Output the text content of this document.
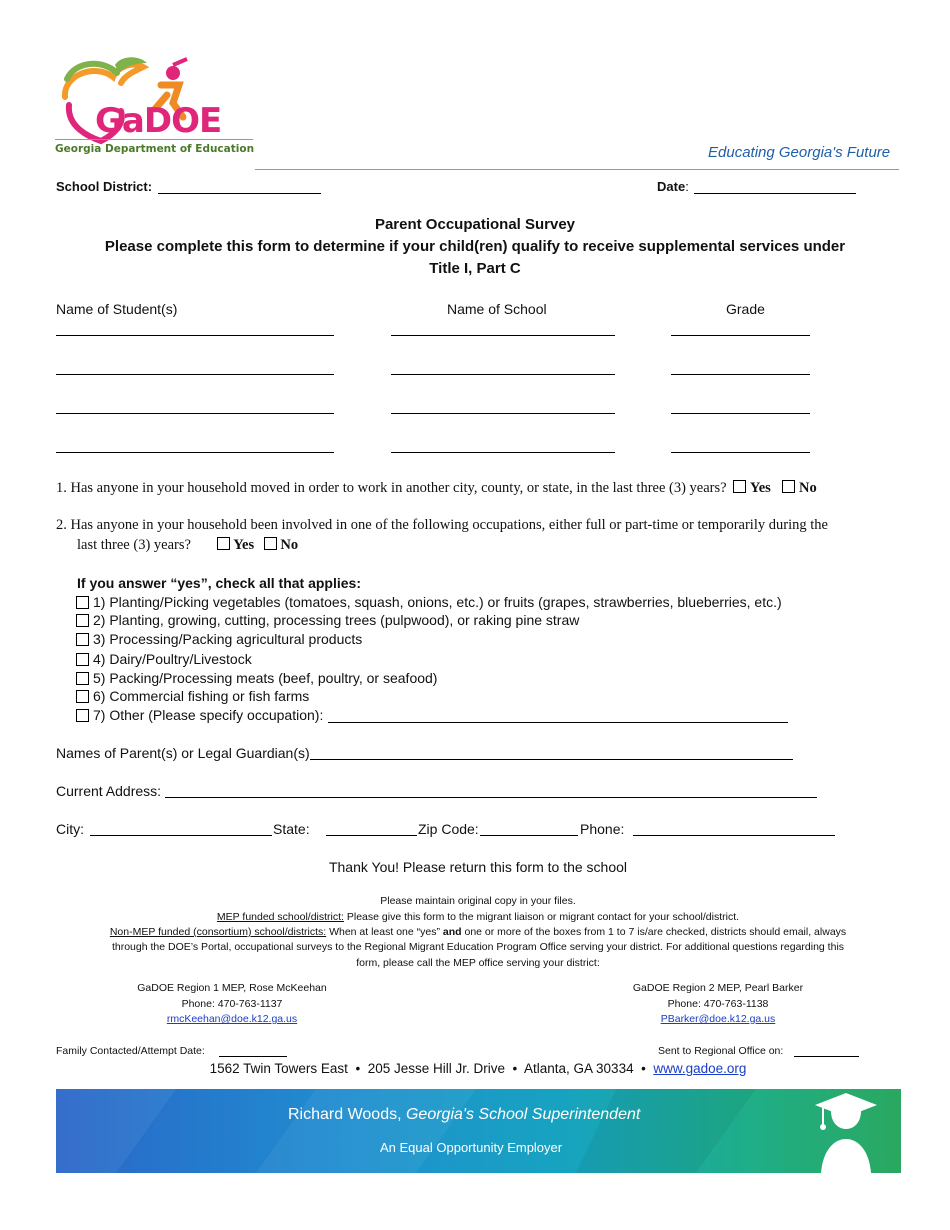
GaDOE
Georgia Department of Education	Educating Georgia's Future
School District:	Date:
Parent Occupational Survey
Please complete this form to determine if your child(ren) qualify to receive supplemental services under
Title I, Part C
Name of Student(s)	Name of School	Grade
1. Has anyone in your household moved in order to work in another city, county, or state, in the last three (3) years? Yes No
2. Has anyone in your household been involved in one of the following occupations, either full or part-time or temporarily during the
last three (3) years?	Yes No
If you answer “yes”, check all that applies:
1) Planting/Picking vegetables (tomatoes, squash, onions, etc.) or fruits (grapes, strawberries, blueberries, etc.)
2) Planting, growing, cutting, processing trees (pulpwood), or raking pine straw
3) Processing/Packing agricultural products
4) Dairy/Poultry/Livestock
5) Packing/Processing meats (beef, poultry, or seafood)
6) Commercial fishing or fish farms
7) Other (Please specify occupation):
Names of Parent(s) or Legal Guardian(s)
Current Address:
City:	State:	Zip Code:	Phone:
Thank You! Please return this form to the school
Please maintain original copy in your files.
MEP funded school/district: Please give this form to the migrant liaison or migrant contact for your school/district.
Non-MEP funded (consortium) school/districts: When at least one “yes” and one or more of the boxes from 1 to 7 is/are checked, districts should email, always
through the DOE’s Portal, occupational surveys to the Regional Migrant Education Program Office serving your district. For additional questions regarding this
form, please call the MEP office serving your district:
GaDOE Region 1 MEP, Rose McKeehan
Phone: 470-763-1137
rmcKeehan@doe.k12.ga.us
GaDOE Region 2 MEP, Pearl Barker
Phone: 470-763-1138
PBarker@doe.k12.ga.us
Family Contacted/Attempt Date:	Sent to Regional Office on:
1562 Twin Towers East • 205 Jesse Hill Jr. Drive • Atlanta, GA 30334 • www.gadoe.org
Richard Woods, Georgia's School Superintendent
An Equal Opportunity Employer
